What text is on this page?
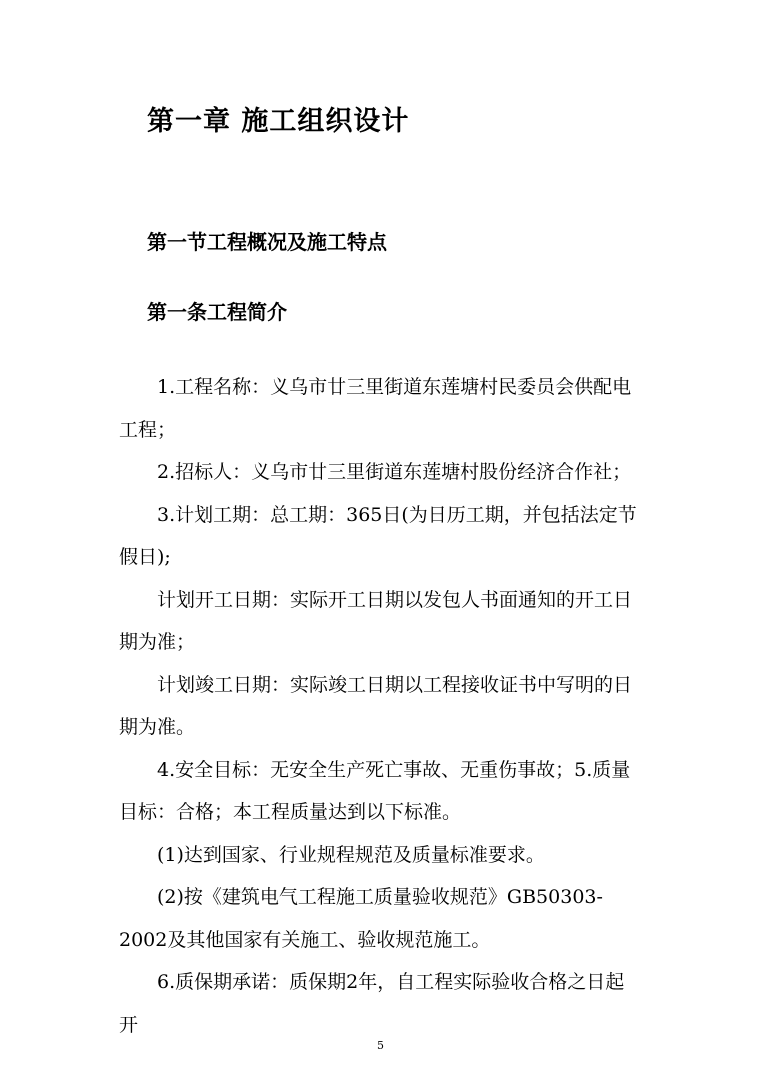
第一章 施工组织设计
第一节工程概况及施工特点
第一条工程简介

1.工程名称：义乌市廿三里街道东莲塘村民委员会供配电工程；

2.招标人：义乌市廿三里街道东莲塘村股份经济合作社；

3.计划工期：总工期：365日(为日历工期，并包括法定节假日);

计划开工日期：实际开工日期以发包人书面通知的开工日期为准；

计划竣工日期：实际竣工日期以工程接收证书中写明的日期为准。

4.安全目标：无安全生产死亡事故、无重伤事故；5.质量目标：合格；本工程质量达到以下标准。

(1)达到国家、行业规程规范及质量标准要求。

(2)按《建筑电气工程施工质量验收规范》GB50303-2002及其他国家有关施工、验收规范施工。

6.质保期承诺：质保期2年，自工程实际验收合格之日起开

5
